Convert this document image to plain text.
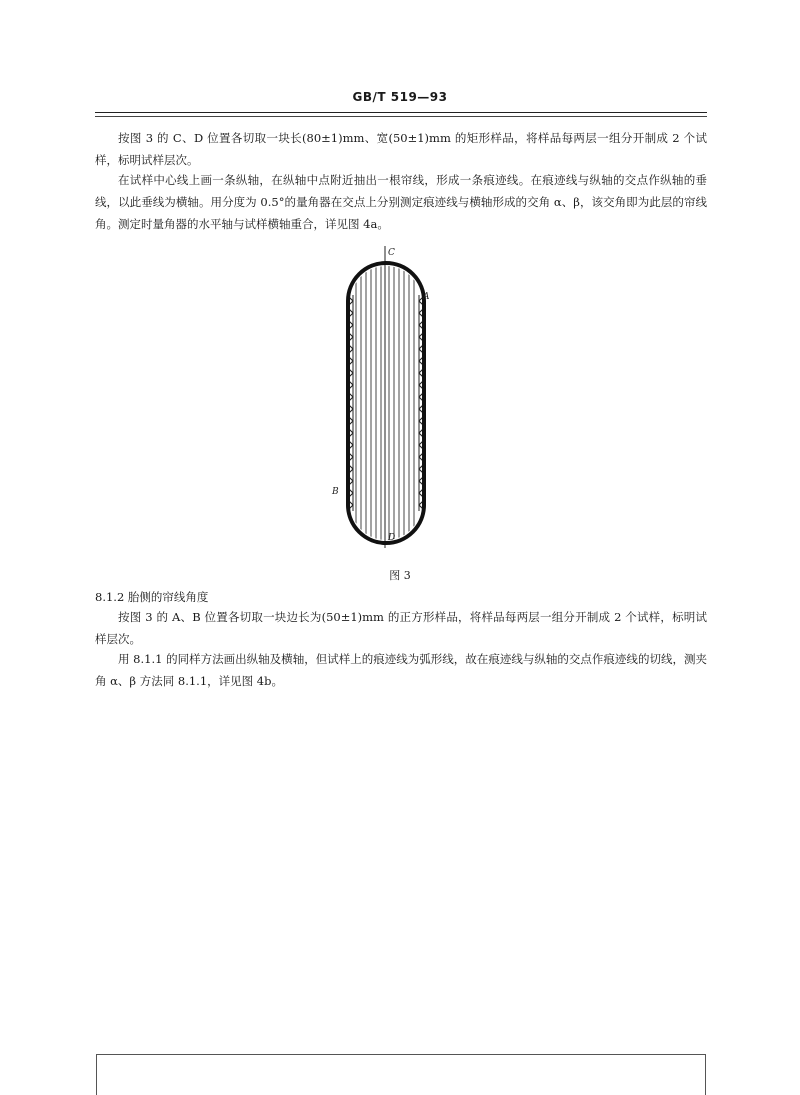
GB/T 519—93

按图 3 的 C、D 位置各切取一块长(80±1)mm、宽(50±1)mm 的矩形样品，将样品每两层一组分开制成 2 个试样，标明试样层次。

在试样中心线上画一条纵轴，在纵轴中点附近抽出一根帘线，形成一条痕迹线。在痕迹线与纵轴的交点作纵轴的垂线，以此垂线为横轴。用分度为 0.5°的量角器在交点上分别测定痕迹线与横轴形成的交角 α、β，该交角即为此层的帘线角。测定时量角器的水平轴与试样横轴重合，详见图 4a。

C
A
B
D
图 3

8.1.2 胎侧的帘线角度

按图 3 的 A、B 位置各切取一块边长为(50±1)mm 的正方形样品，将样品每两层一组分开制成 2 个试样，标明试样层次。

用 8.1.1 的同样方法画出纵轴及横轴，但试样上的痕迹线为弧形线，故在痕迹线与纵轴的交点作痕迹线的切线，测夹角 α、β 方法同 8.1.1，详见图 4b。
